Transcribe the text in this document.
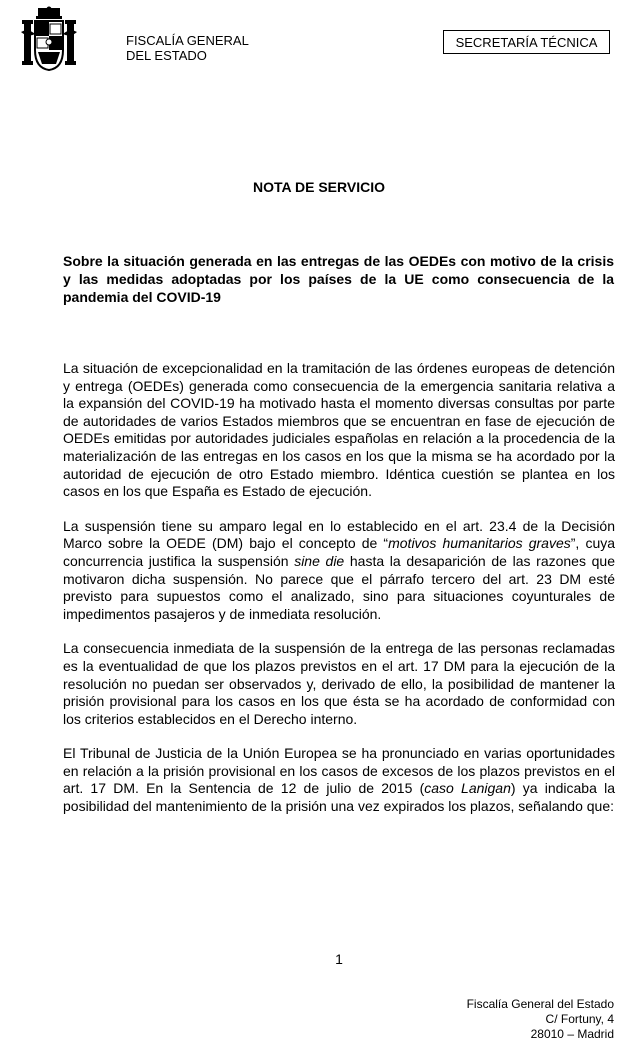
FISCALÍA GENERAL
DEL ESTADO
SECRETARÍA TÉCNICA
NOTA DE SERVICIO
Sobre la situación generada en las entregas de las OEDEs con motivo de la crisis y las medidas adoptadas por los países de la UE como consecuencia de la pandemia del COVID-19

La situación de excepcionalidad en la tramitación de las órdenes europeas de detención y entrega (OEDEs) generada como consecuencia de la emergencia sanitaria relativa a la expansión del COVID-19 ha motivado hasta el momento diversas consultas por parte de autoridades de varios Estados miembros que se encuentran en fase de ejecución de OEDEs emitidas por autoridades judiciales españolas en relación a la procedencia de la materialización de las entregas en los casos en los que la misma se ha acordado por la autoridad de ejecución de otro Estado miembro. Idéntica cuestión se plantea en los casos en los que España es Estado de ejecución.

La suspensión tiene su amparo legal en lo establecido en el art. 23.4 de la Decisión Marco sobre la OEDE (DM) bajo el concepto de “motivos humanitarios graves”, cuya concurrencia justifica la suspensión sine die hasta la desaparición de las razones que motivaron dicha suspensión. No parece que el párrafo tercero del art. 23 DM esté previsto para supuestos como el analizado, sino para situaciones coyunturales de impedimentos pasajeros y de inmediata resolución.

La consecuencia inmediata de la suspensión de la entrega de las personas reclamadas es la eventualidad de que los plazos previstos en el art. 17 DM para la ejecución de la resolución no puedan ser observados y, derivado de ello, la posibilidad de mantener la prisión provisional para los casos en los que ésta se ha acordado de conformidad con los criterios establecidos en el Derecho interno.

El Tribunal de Justicia de la Unión Europea se ha pronunciado en varias oportunidades en relación a la prisión provisional en los casos de excesos de los plazos previstos en el art. 17 DM. En la Sentencia de 12 de julio de 2015 (caso Lanigan) ya indicaba la posibilidad del mantenimiento de la prisión una vez expirados los plazos, señalando que:

1
Fiscalía General del Estado
C/ Fortuny, 4
28010 – Madrid
